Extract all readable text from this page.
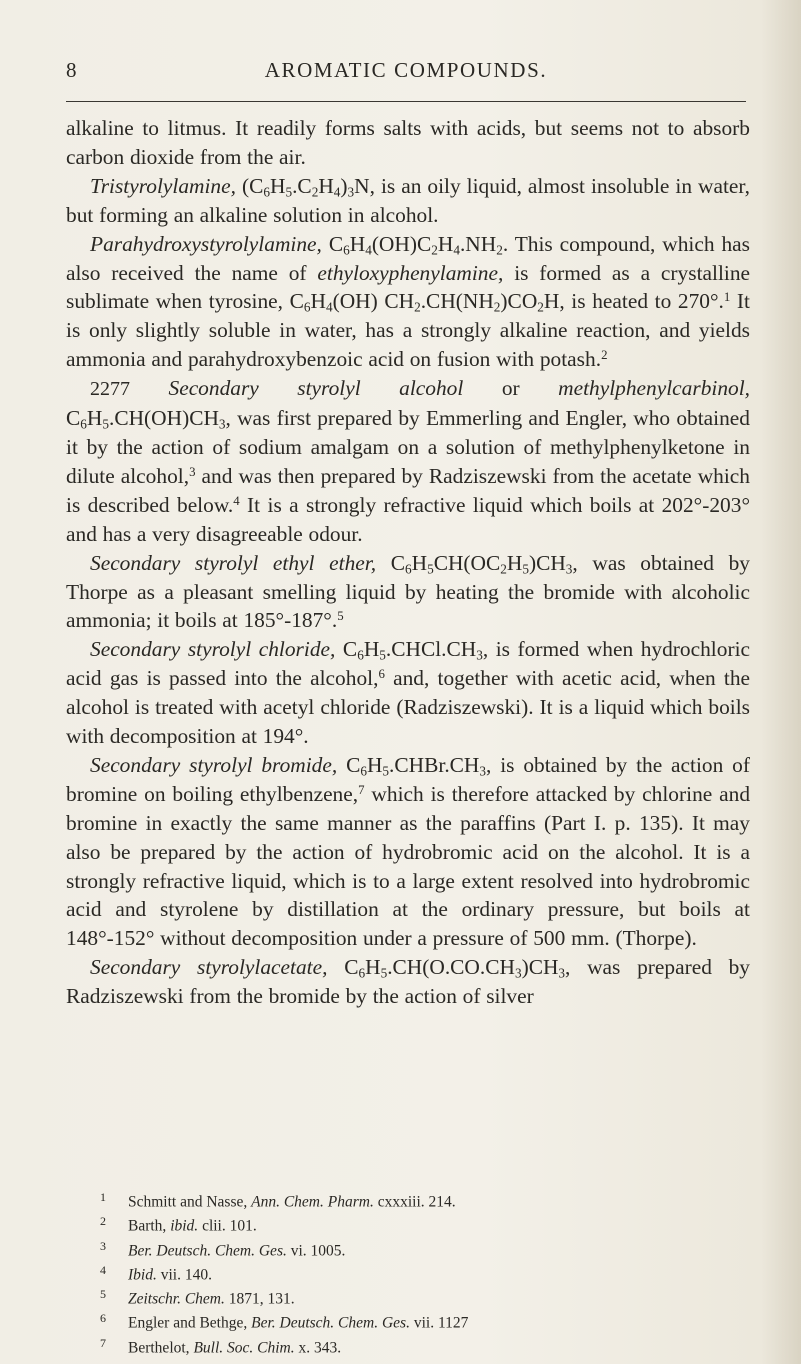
8	AROMATIC COMPOUNDS.

alkaline to litmus. It readily forms salts with acids, but seems not to absorb carbon dioxide from the air.

Tristyrolylamine, $(C_6H_5.C_2H_4)_3N$, is an oily liquid, almost insoluble in water, but forming an alkaline solution in alcohol.

Parahydroxystyrolylamine, $C_6H_4(OH)C_2H_4.NH_2$. This compound, which has also received the name of ethyloxyphenylamine, is formed as a crystalline sublimate when tyrosine, $C_6H_4(OH)$ $CH_2.CH(NH_2)CO_2H$, is heated to 270°.$^1$ It is only slightly soluble in water, has a strongly alkaline reaction, and yields ammonia and parahydroxybenzoic acid on fusion with potash.$^2$

2277 Secondary styrolyl alcohol or methylphenylcarbinol, $C_6H_5.CH(OH)CH_3$, was first prepared by Emmerling and Engler, who obtained it by the action of sodium amalgam on a solution of methylphenylketone in dilute alcohol,$^3$ and was then prepared by Radziszewski from the acetate which is described below.$^4$ It is a strongly refractive liquid which boils at 202°-203° and has a very disagreeable odour.

Secondary styrolyl ethyl ether, $C_6H_5CH(OC_2H_5)CH_3$, was obtained by Thorpe as a pleasant smelling liquid by heating the bromide with alcoholic ammonia; it boils at 185°-187°.$^5$

Secondary styrolyl chloride, $C_6H_5.CHCl.CH_3$, is formed when hydrochloric acid gas is passed into the alcohol,$^6$ and, together with acetic acid, when the alcohol is treated with acetyl chloride (Radziszewski). It is a liquid which boils with decomposition at 194°.

Secondary styrolyl bromide, $C_6H_5.CHBr.CH_3$, is obtained by the action of bromine on boiling ethylbenzene,$^7$ which is therefore attacked by chlorine and bromine in exactly the same manner as the paraffins (Part I. p. 135). It may also be prepared by the action of hydrobromic acid on the alcohol. It is a strongly refractive liquid, which is to a large extent resolved into hydrobromic acid and styrolene by distillation at the ordinary pressure, but boils at 148°-152° without decomposition under a pressure of 500 mm. (Thorpe).

Secondary styrolylacetate, $C_6H_5.CH(O.CO.CH_3)CH_3$, was prepared by Radziszewski from the bromide by the action of silver

1 Schmitt and Nasse, Ann. Chem. Pharm. cxxxiii. 214.
2 Barth, ibid. clii. 101.
3 Ber. Deutsch. Chem. Ges. vi. 1005.
4 Ibid. vii. 140.
5 Zeitschr. Chem. 1871, 131.
6 Engler and Bethge, Ber. Deutsch. Chem. Ges. vii. 1127
7 Berthelot, Bull. Soc. Chim. x. 343.
